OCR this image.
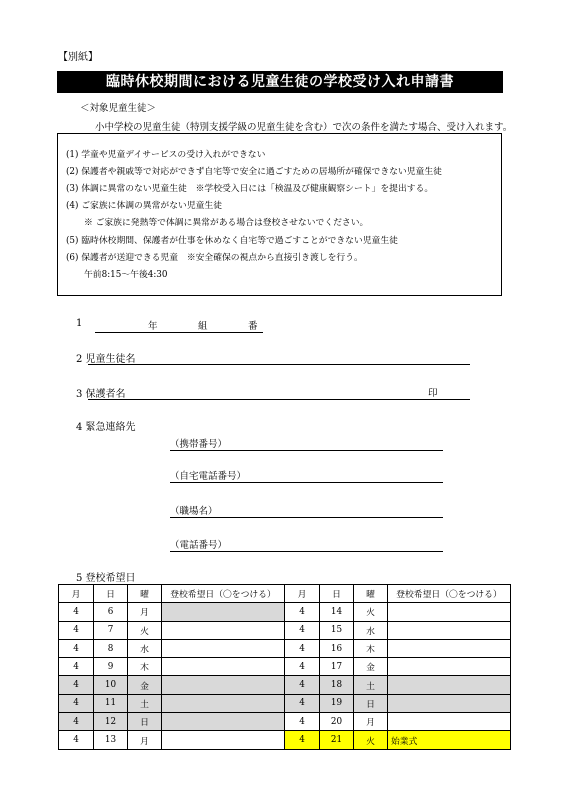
【別紙】
臨時休校期間における児童生徒の学校受け入れ申請書
＜対象児童生徒＞
小中学校の児童生徒（特別支援学級の児童生徒を含む）で次の条件を満たす場合、受け入れます。
(1) 学童や児童デイサービスの受け入れができない
(2) 保護者や親戚等で対応ができず自宅等で安全に過ごすための居場所が確保できない児童生徒
(3) 体調に異常のない児童生徒　※学校受入日には「検温及び健康観察シート」を提出する。
(4) ご家族に体調の異常がない児童生徒
※ ご家族に発熱等で体調に異常がある場合は登校させないでください。
(5) 臨時休校期間、保護者が仕事を休めなく自宅等で過ごすことができない児童生徒
(6) 保護者が送迎できる児童　※安全確保の視点から直接引き渡しを行う。
午前8:15～午後4:30
1	年	組	番
2 児童生徒名
3 保護者名	印
4 緊急連絡先
（携帯番号）
（自宅電話番号）
（職場名）
（電話番号）
5 登校希望日
月	日	曜	登校希望日（〇をつける）	月	日	曜	登校希望日（〇をつける）
4	6	月		4	14	火	
4	7	火		4	15	水	
4	8	水		4	16	木	
4	9	木		4	17	金	
4	10	金		4	18	土	
4	11	土		4	19	日	
4	12	日		4	20	月	
4	13	月		4	21	火	始業式
